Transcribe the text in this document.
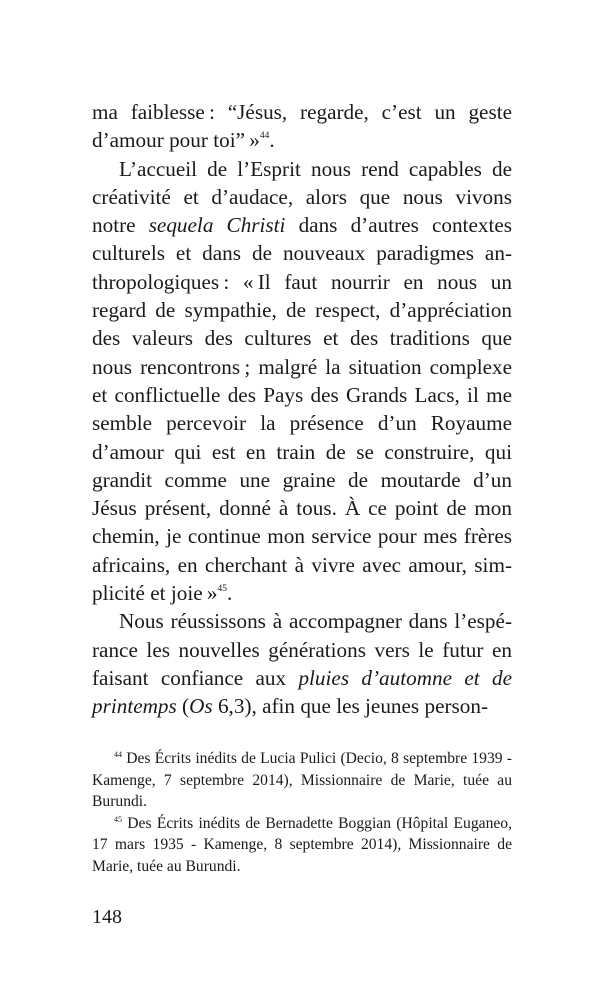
ma faiblesse : “Jésus, regarde, c’est un geste d’amour pour toi” »$^{44}$.

L’accueil de l’Esprit nous rend capables de créativité et d’audace, alors que nous vivons notre sequela Christi dans d’autres contextes culturels et dans de nouveaux paradigmes anthropologiques : « Il faut nourrir en nous un regard de sympathie, de respect, d’appréciation des valeurs des cultures et des traditions que nous rencontrons ; malgré la situation complexe et conflictuelle des Pays des Grands Lacs, il me semble percevoir la présence d’un Royaume d’amour qui est en train de se construire, qui grandit comme une graine de moutarde d’un Jésus présent, donné à tous. À ce point de mon chemin, je continue mon service pour mes frères africains, en cherchant à vivre avec amour, simplicité et joie »$^{45}$.

Nous réussissons à accompagner dans l’espérance les nouvelles générations vers le futur en faisant confiance aux pluies d’automne et de printemps (Os 6,3), afin que les jeunes person-

$^{44}$ Des Écrits inédits de Lucia Pulici (Decio, 8 septembre 1939 - Kamenge, 7 septembre 2014), Missionnaire de Marie, tuée au Burundi.

$^{45}$ Des Écrits inédits de Bernadette Boggian (Hôpital Euganeo, 17 mars 1935 - Kamenge, 8 septembre 2014), Missionnaire de Marie, tuée au Burundi.

148
